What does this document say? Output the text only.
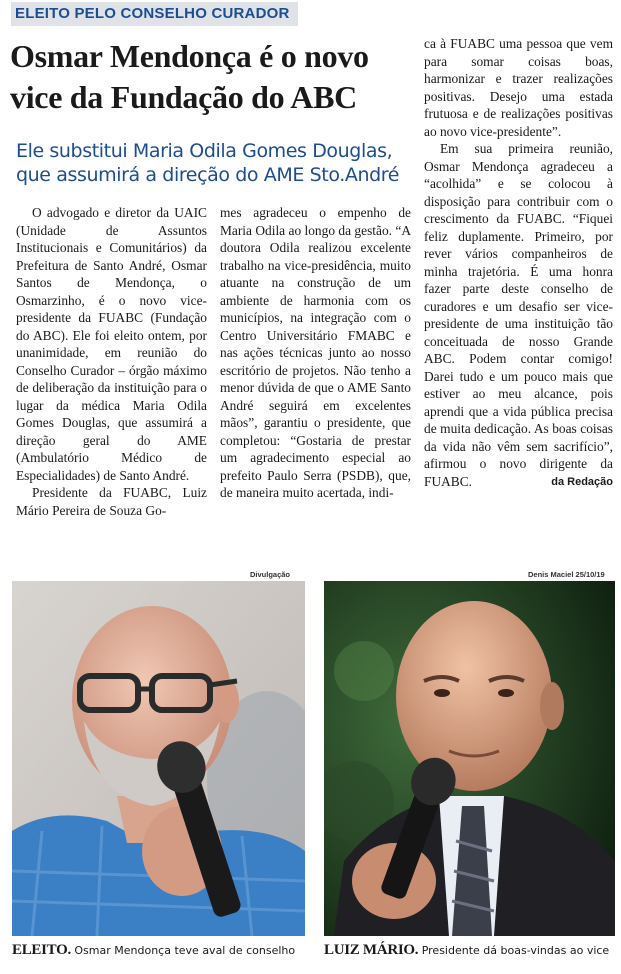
ELEITO PELO CONSELHO CURADOR
Osmar Mendonça é o novo vice da Fundação do ABC

Ele substitui Maria Odila Gomes Douglas, que assumirá a direção do AME Sto.André

O advogado e diretor da UAIC (Unidade de Assuntos Institucionais e Comunitários) da Prefeitura de Santo André, Osmar Santos de Mendonça, o Osmarzinho, é o novo vice-presidente da FUABC (Fundação do ABC). Ele foi eleito ontem, por unanimidade, em reunião do Conselho Curador – órgão máximo de deliberação da instituição para o lugar da médica Maria Odila Gomes Douglas, que assumirá a direção geral do AME (Ambulatório Médico de Especialidades) de Santo André.

Presidente da FUABC, Luiz Mário Pereira de Souza Go-

mes agradeceu o empenho de Maria Odila ao longo da gestão. “A doutora Odila realizou excelente trabalho na vice-presidência, muito atuante na construção de um ambiente de harmonia com os municípios, na integração com o Centro Universitário FMABC e nas ações técnicas junto ao nosso escritório de projetos. Não tenho a menor dúvida de que o AME Santo André seguirá em excelentes mãos”, garantiu o presidente, que completou: “Gostaria de prestar um agradecimento especial ao prefeito Paulo Serra (PSDB), que, de maneira muito acertada, indi-

ca à FUABC uma pessoa que vem para somar coisas boas, harmonizar e trazer realizações positivas. Desejo uma estada frutuosa e de realizações positivas ao novo vice-presidente”.

Em sua primeira reunião, Osmar Mendonça agradeceu a “acolhida” e se colocou à disposição para contribuir com o crescimento da FUABC. “Fiquei feliz duplamente. Primeiro, por rever vários companheiros de minha trajetória. É uma honra fazer parte deste conselho de curadores e um desafio ser vice-presidente de uma instituição tão conceituada de nosso Grande ABC. Podem contar comigo! Darei tudo e um pouco mais que estiver ao meu alcance, pois aprendi que a vida pública precisa de muita dedicação. As boas coisas da vida não vêm sem sacrifício”, afirmou o novo dirigente da FUABC.	da Redação
Divulgação	Denis Maciel 25/10/19
ELEITO. Osmar Mendonça teve aval de conselho LUIZ MÁRIO. Presidente dá boas-vindas ao vice
